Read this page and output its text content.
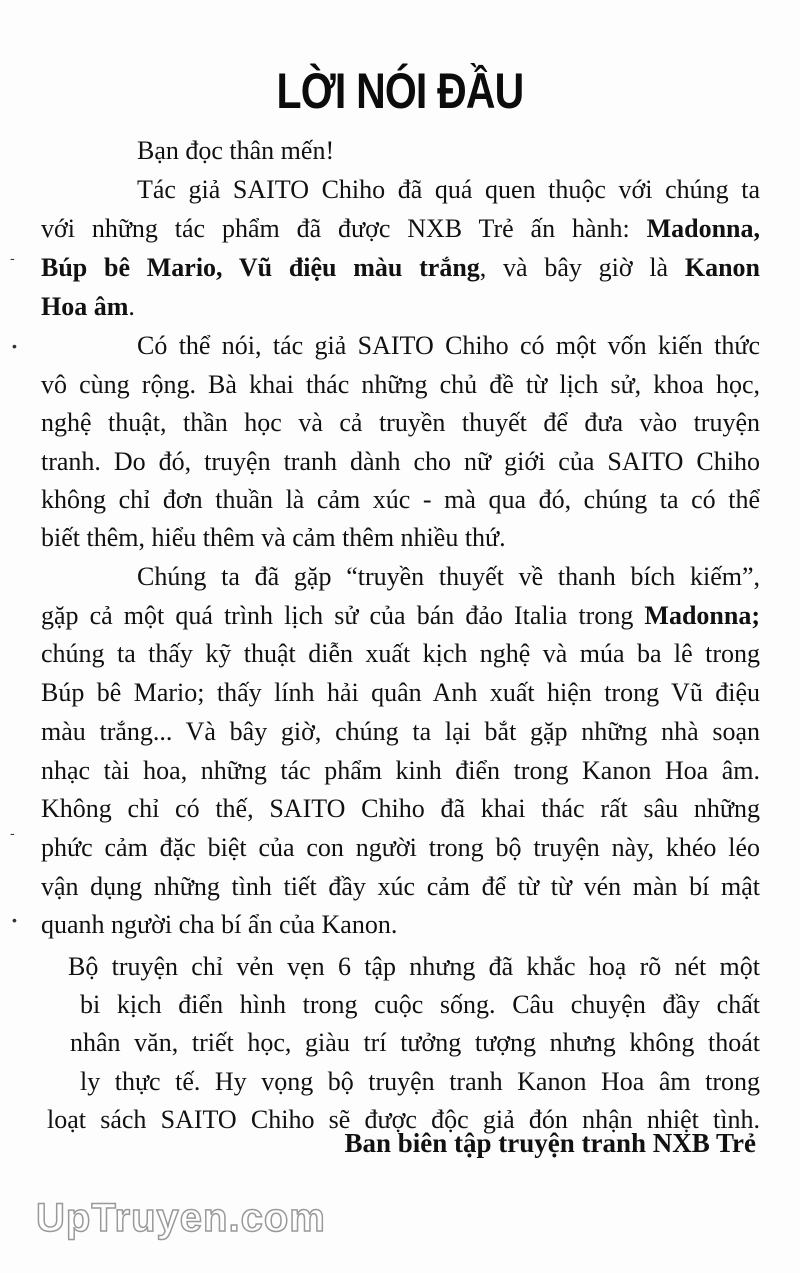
LỜI NÓI ĐẦU
Bạn đọc thân mến!
Tác giả SAITO Chiho đã quá quen thuộc với chúng ta
với những tác phẩm đã được NXB Trẻ ấn hành: Madonna,
Búp bê Mario, Vũ điệu màu trắng, và bây giờ là Kanon
Hoa âm.
Có thể nói, tác giả SAITO Chiho có một vốn kiến thức
vô cùng rộng. Bà khai thác những chủ đề từ lịch sử, khoa học,
nghệ thuật, thần học và cả truyền thuyết để đưa vào truyện
tranh. Do đó, truyện tranh dành cho nữ giới của SAITO Chiho
không chỉ đơn thuần là cảm xúc - mà qua đó, chúng ta có thể
biết thêm, hiểu thêm và cảm thêm nhiều thứ.
Chúng ta đã gặp “truyền thuyết về thanh bích kiếm”,
gặp cả một quá trình lịch sử của bán đảo Italia trong Madonna;
chúng ta thấy kỹ thuật diễn xuất kịch nghệ và múa ba lê trong
Búp bê Mario; thấy lính hải quân Anh xuất hiện trong Vũ điệu
màu trắng... Và bây giờ, chúng ta lại bắt gặp những nhà soạn
nhạc tài hoa, những tác phẩm kinh điển trong Kanon Hoa âm.
Không chỉ có thế, SAITO Chiho đã khai thác rất sâu những
phức cảm đặc biệt của con người trong bộ truyện này, khéo léo
vận dụng những tình tiết đầy xúc cảm để từ từ vén màn bí mật
quanh người cha bí ẩn của Kanon.
Bộ truyện chỉ vẻn vẹn 6 tập nhưng đã khắc hoạ rõ nét một
bi kịch điển hình trong cuộc sống. Câu chuyện đầy chất
nhân văn, triết học, giàu trí tưởng tượng nhưng không thoát
ly thực tế. Hy vọng bộ truyện tranh Kanon Hoa âm trong
loạt sách SAITO Chiho sẽ được độc giả đón nhận nhiệt tình.
Ban biên tập truyện tranh NXB Trẻ
UpTruyen.com
-
•
-
•
